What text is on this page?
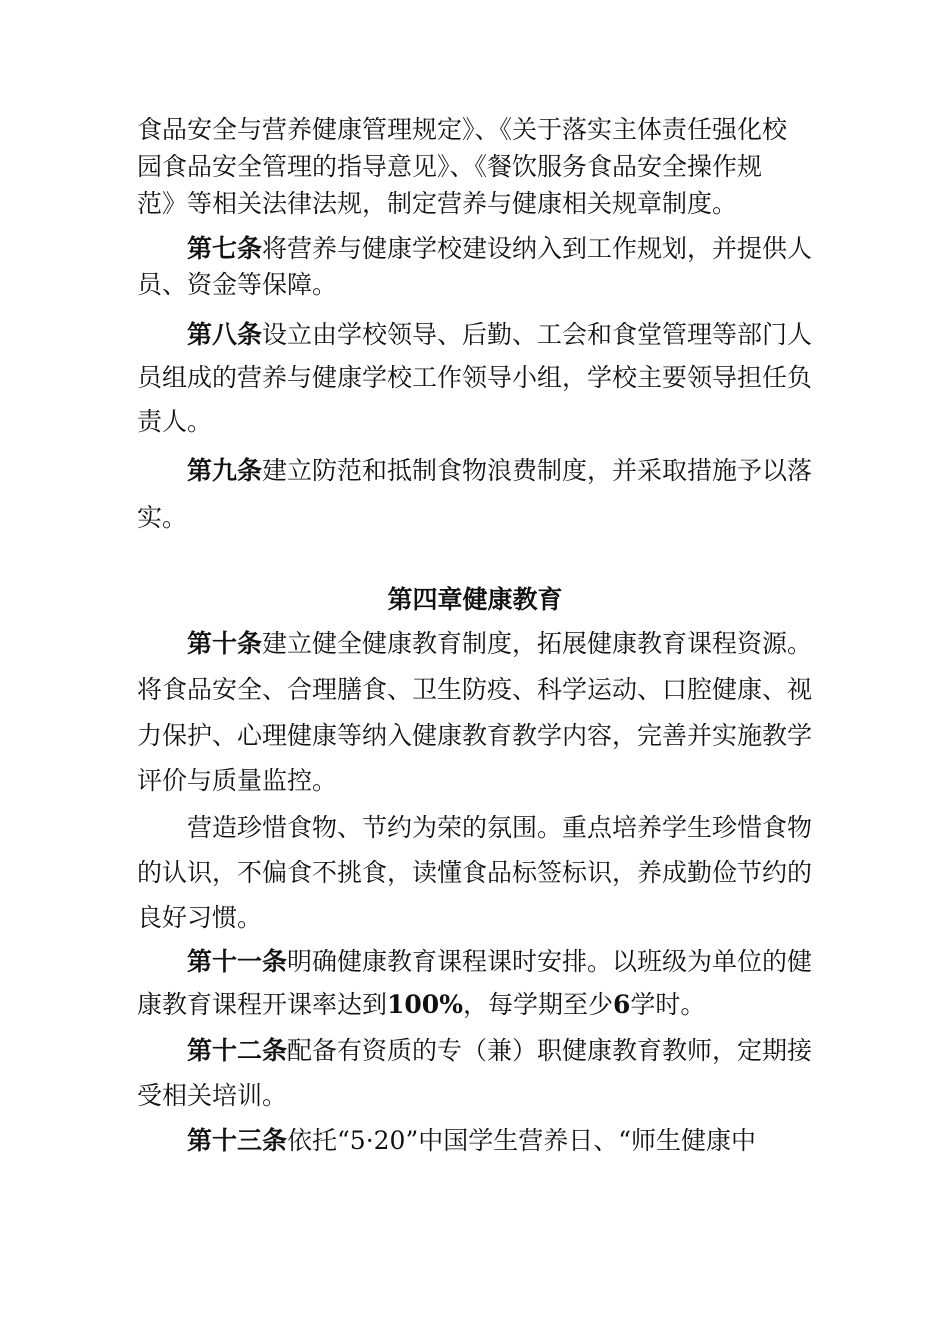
食品安全与营养健康管理规定》、《关于落实主体责任强化校
园食品安全管理的指导意见》、《餐饮服务食品安全操作规
范》等相关法律法规，制定营养与健康相关规章制度。
第七条将营养与健康学校建设纳入到工作规划，并提供人
员、资金等保障。
第八条设立由学校领导、后勤、工会和食堂管理等部门人
员组成的营养与健康学校工作领导小组，学校主要领导担任负
责人。
第九条建立防范和抵制食物浪费制度，并采取措施予以落
实。
第四章健康教育
第十条建立健全健康教育制度，拓展健康教育课程资源。
将食品安全、合理膳食、卫生防疫、科学运动、口腔健康、视
力保护、心理健康等纳入健康教育教学内容，完善并实施教学
评价与质量监控。
营造珍惜食物、节约为荣的氛围。重点培养学生珍惜食物
的认识，不偏食不挑食，读懂食品标签标识，养成勤俭节约的
良好习惯。
第十一条明确健康教育课程课时安排。以班级为单位的健
康教育课程开课率达到100%，每学期至少6学时。
第十二条配备有资质的专（兼）职健康教育教师，定期接
受相关培训。
第十三条依托“5·20”中国学生营养日、“师生健康中
